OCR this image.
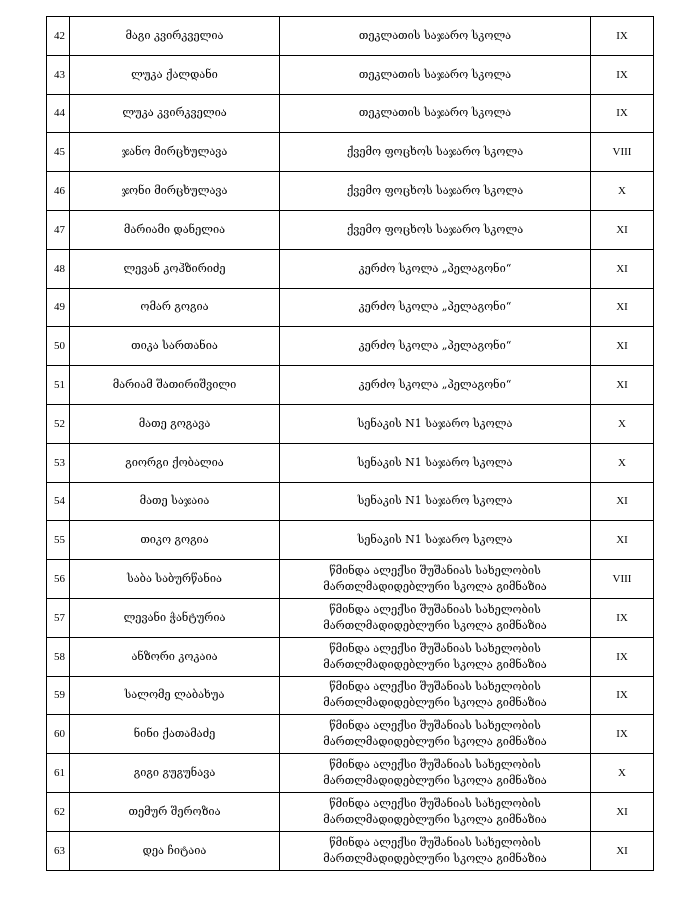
42	მაგი კვირკველია	თეკლათის საჯარო სკოლა	IX
43	ლუკა ქალდანი	თეკლათის საჯარო სკოლა	IX
44	ლუკა კვირკველია	თეკლათის საჯარო სკოლა	IX
45	ჯანო მირცხულავა	ქვემო ფოცხოს საჯარო სკოლა	VIII
46	ჯონი მირცხულავა	ქვემო ფოცხოს საჯარო სკოლა	X
47	მარიამი დანელია	ქვემო ფოცხოს საჯარო სკოლა	XI
48	ლევან კოჰზირიძე	კერძო სკოლა „პელაგონი“	XI
49	ომარ გოგია	კერძო სკოლა „პელაგონი“	XI
50	თიკა სართანია	კერძო სკოლა „პელაგონი“	XI
51	მარიამ შათირიშვილი	კერძო სკოლა „პელაგონი“	XI
52	მათე გოგავა	სენაკის N1 საჯარო სკოლა	X
53	გიორგი ქობალია	სენაკის N1 საჯარო სკოლა	X
54	მათე საჯაია	სენაკის N1 საჯარო სკოლა	XI
55	თიკო გოგია	სენაკის N1 საჯარო სკოლა	XI
56	საბა საბურწანია	წმინდა ალექსი შუშანიას სახელობის
მართლმადიდებლური სკოლა გიმნაზია	VIII
57	ლევანი ჭანტურია	წმინდა ალექსი შუშანიას სახელობის
მართლმადიდებლური სკოლა გიმნაზია	IX
58	ანზორი კოკაია	წმინდა ალექსი შუშანიას სახელობის
მართლმადიდებლური სკოლა გიმნაზია	IX
59	სალომე ლაბახუა	წმინდა ალექსი შუშანიას სახელობის
მართლმადიდებლური სკოლა გიმნაზია	IX
60	ნინი ქათამაძე	წმინდა ალექსი შუშანიას სახელობის
მართლმადიდებლური სკოლა გიმნაზია	IX
61	გიგი გუგუნავა	წმინდა ალექსი შუშანიას სახელობის
მართლმადიდებლური სკოლა გიმნაზია	X
62	თემურ შეროზია	წმინდა ალექსი შუშანიას სახელობის
მართლმადიდებლური სკოლა გიმნაზია	XI
63	დეა ჩიტაია	წმინდა ალექსი შუშანიას სახელობის
მართლმადიდებლური სკოლა გიმნაზია	XI
